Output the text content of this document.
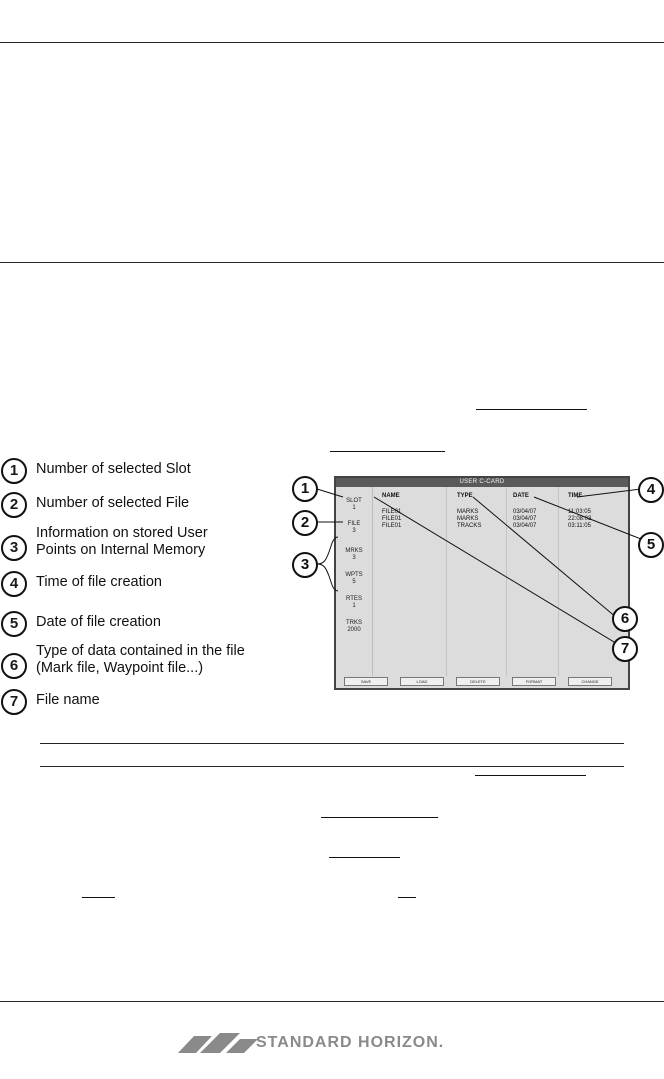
1	Number of selected Slot
2	Number of selected File
3
Information on stored User
Points on Internal Memory
4	Time of file creation
5	Date of file creation
6
Type of data contained in the file
(Mark file, Waypoint file...)
7	File name
USER C-CARD
SLOT
1
FILE
3
MRKS
3
WPTS
5
RTES
1
TRKS
2000
NAME	TYPE	DATE	TIME
FILE01	MARKS	03/04/07	11:03:05
FILE01	MARKS	03/04/07	22:08:03
FILE01	TRACKS	03/04/07	03:11:05
SAVE	LOAD	DELETE	FORMAT	CHANGE
1
2
3
4
5
6
7
STANDARD HORIZON.
